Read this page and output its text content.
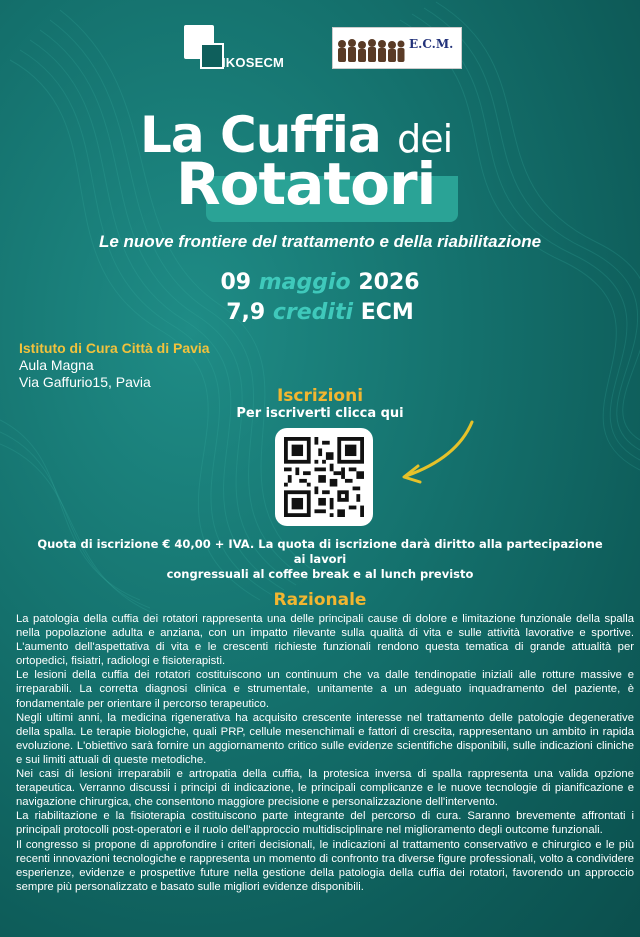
IKOSECM
E.C.M.
La Cuffia dei
Rotatori
Le nuove frontiere del trattamento e della riabilitazione
09 maggio 2026
7,9 crediti ECM
Istituto di Cura Città di Pavia
Aula Magna
Via Gaffurio15, Pavia
Iscrizioni
Per iscriverti clicca qui
Quota di iscrizione € 40,00 + IVA. La quota di iscrizione darà diritto alla partecipazione ai lavori
congressuali al coffee break e al lunch previsto
Razionale

La patologia della cuffia dei rotatori rappresenta una delle principali cause di dolore e limitazione funzionale della spalla nella popolazione adulta e anziana, con un impatto rilevante sulla qualità di vita e sulle attività lavorative e sportive. L'aumento dell'aspettativa di vita e le crescenti richieste funzionali rendono questa tematica di grande attualità per ortopedici, fisiatri, radiologi e fisioterapisti.

Le lesioni della cuffia dei rotatori costituiscono un continuum che va dalle tendinopatie iniziali alle rotture massive e irreparabili. La corretta diagnosi clinica e strumentale, unitamente a un adeguato inquadramento del paziente, è fondamentale per orientare il percorso terapeutico.

Negli ultimi anni, la medicina rigenerativa ha acquisito crescente interesse nel trattamento delle patologie degenerative della spalla. Le terapie biologiche, quali PRP, cellule mesenchimali e fattori di crescita, rappresentano un ambito in rapida evoluzione. L'obiettivo sarà fornire un aggiornamento critico sulle evidenze scientifiche disponibili, sulle indicazioni cliniche e sui limiti attuali di queste metodiche.

Nei casi di lesioni irreparabili e artropatia della cuffia, la protesica inversa di spalla rappresenta una valida opzione terapeutica. Verranno discussi i principi di indicazione, le principali complicanze e le nuove tecnologie di pianificazione e navigazione chirurgica, che consentono maggiore precisione e personalizzazione dell'intervento.

La riabilitazione e la fisioterapia costituiscono parte integrante del percorso di cura. Saranno brevemente affrontati i principali protocolli post-operatori e il ruolo dell'approccio multidisciplinare nel miglioramento degli outcome funzionali.

Il congresso si propone di approfondire i criteri decisionali, le indicazioni al trattamento conservativo e chirurgico e le più recenti innovazioni tecnologiche e rappresenta un momento di confronto tra diverse figure professionali, volto a condividere esperienze, evidenze e prospettive future nella gestione della patologia della cuffia dei rotatori, favorendo un approccio sempre più personalizzato e basato sulle migliori evidenze disponibili.
